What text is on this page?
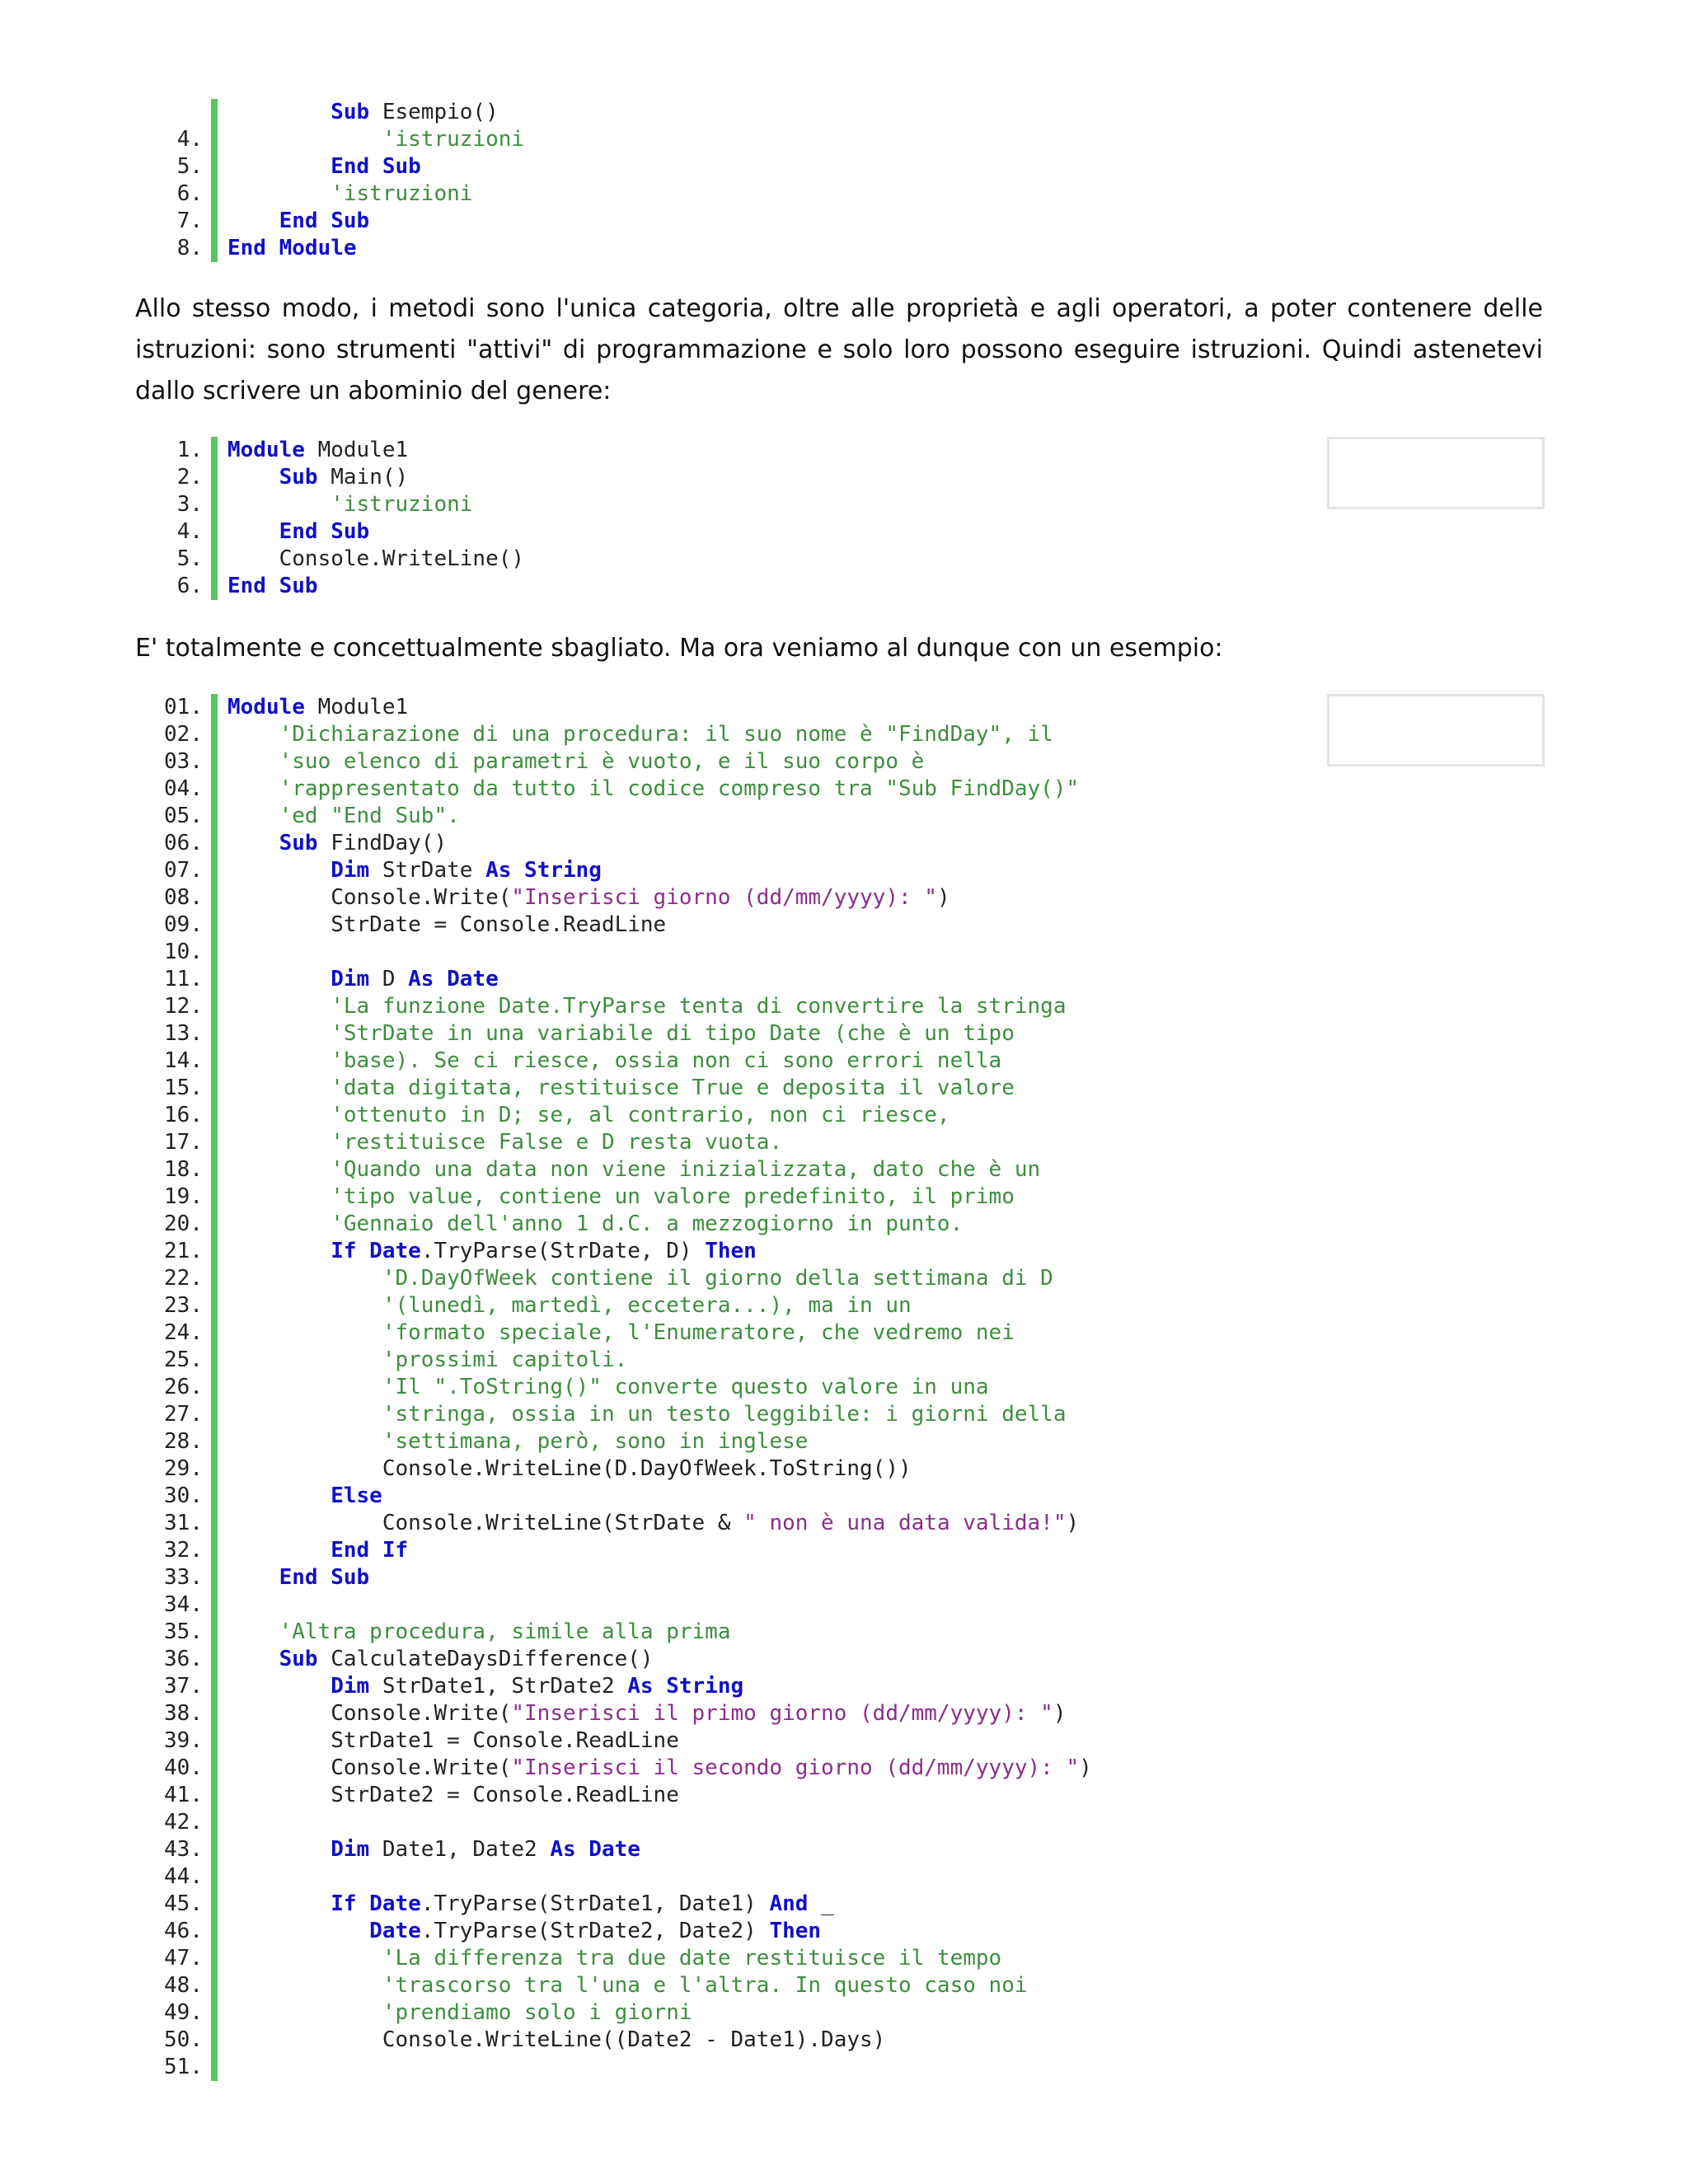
Sub Esempio()
4.	'istruzioni
5.	End Sub
6.	'istruzioni
7.	End Sub
8.	End Module
Allo stesso modo, i metodi sono l'unica categoria, oltre alle proprietà e agli operatori, a poter contenere delle istruzioni: sono strumenti "attivi" di programmazione e solo loro possono eseguire istruzioni. Quindi astenetevi dallo scrivere un abominio del genere:
1.	Module Module1
2.	Sub Main()
3.	'istruzioni
4.	End Sub
5.	Console.WriteLine()
6.	End Sub
E' totalmente e concettualmente sbagliato. Ma ora veniamo al dunque con un esempio:
01.	Module Module1
02.	'Dichiarazione di una procedura: il suo nome è "FindDay", il
03.	'suo elenco di parametri è vuoto, e il suo corpo è
04.	'rappresentato da tutto il codice compreso tra "Sub FindDay()"
05.	'ed "End Sub".
06.	Sub FindDay()
07.	Dim StrDate As String
08.	Console.Write("Inserisci giorno (dd/mm/yyyy): ")
09.	StrDate = Console.ReadLine
10.
11.	Dim D As Date
12.	'La funzione Date.TryParse tenta di convertire la stringa
13.	'StrDate in una variabile di tipo Date (che è un tipo
14.	'base). Se ci riesce, ossia non ci sono errori nella
15.	'data digitata, restituisce True e deposita il valore
16.	'ottenuto in D; se, al contrario, non ci riesce,
17.	'restituisce False e D resta vuota.
18.	'Quando una data non viene inizializzata, dato che è un
19.	'tipo value, contiene un valore predefinito, il primo
20.	'Gennaio dell'anno 1 d.C. a mezzogiorno in punto.
21.	If Date.TryParse(StrDate, D) Then
22.	'D.DayOfWeek contiene il giorno della settimana di D
23.	'(lunedì, martedì, eccetera...), ma in un
24.	'formato speciale, l'Enumeratore, che vedremo nei
25.	'prossimi capitoli.
26.	'Il ".ToString()" converte questo valore in una
27.	'stringa, ossia in un testo leggibile: i giorni della
28.	'settimana, però, sono in inglese
29.	Console.WriteLine(D.DayOfWeek.ToString())
30.	Else
31.	Console.WriteLine(StrDate & " non è una data valida!")
32.	End If
33.	End Sub
34.
35.	'Altra procedura, simile alla prima
36.	Sub CalculateDaysDifference()
37.	Dim StrDate1, StrDate2 As String
38.	Console.Write("Inserisci il primo giorno (dd/mm/yyyy): ")
39.	StrDate1 = Console.ReadLine
40.	Console.Write("Inserisci il secondo giorno (dd/mm/yyyy): ")
41.	StrDate2 = Console.ReadLine
42.
43.	Dim Date1, Date2 As Date
44.
45.	If Date.TryParse(StrDate1, Date1) And _
46.	Date.TryParse(StrDate2, Date2) Then
47.	'La differenza tra due date restituisce il tempo
48.	'trascorso tra l'una e l'altra. In questo caso noi
49.	'prendiamo solo i giorni
50.	Console.WriteLine((Date2 - Date1).Days)
51.
